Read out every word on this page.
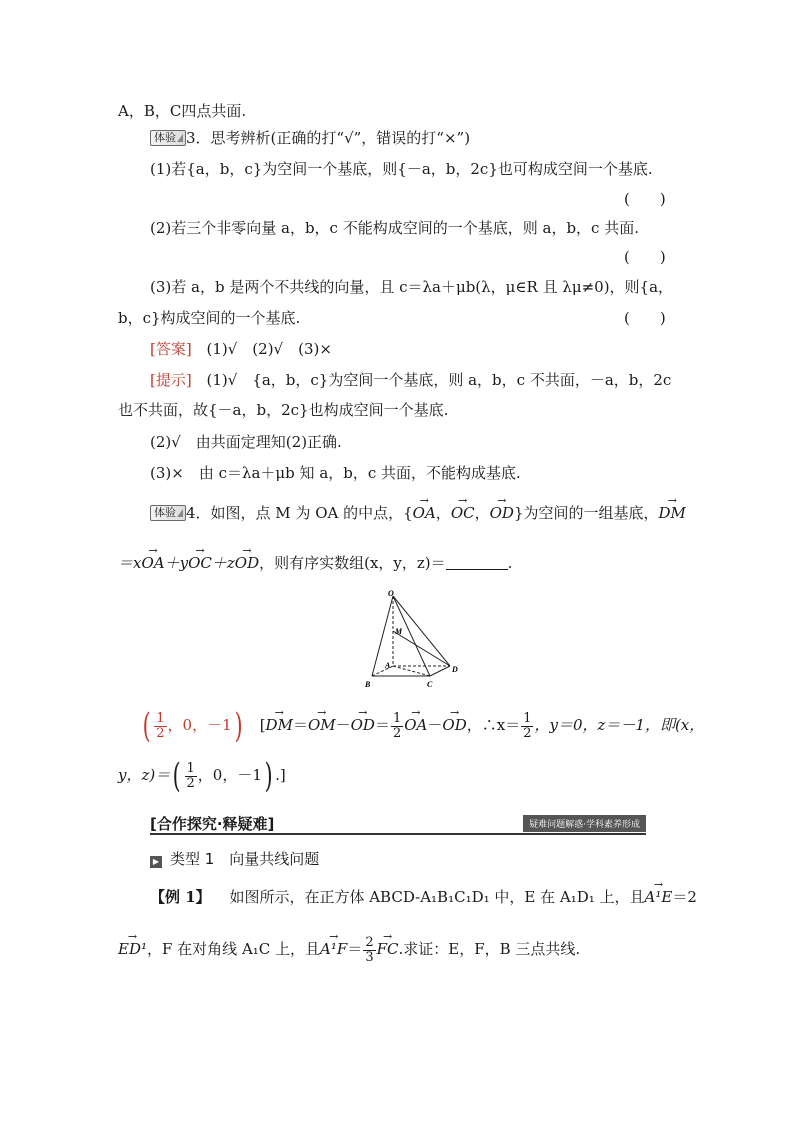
A，B，C四点共面.
体验 3．思考辨析(正确的打“√”，错误的打“×”)
(1)若{a，b，c}为空间一个基底，则{－a，b，2c}也可构成空间一个基底.
(　　)
(2)若三个非零向量 a，b，c 不能构成空间的一个基底，则 a，b，c 共面.
(　　)
(3)若 a，b 是两个不共线的向量，且 c＝λa＋μb(λ，μ∈R 且 λμ≠0)，则{a，
b，c}构成空间的一个基底.	(　　)
[答案] (1)√　(2)√　(3)×
[提示] (1)√　{a，b，c}为空间一个基底，则 a，b，c 不共面，－a，b，2c
也不共面，故{－a，b，2c}也构成空间一个基底.
(2)√　由共面定理知(2)正确.
(3)×　由 c＝λa＋μb 知 a，b，c 共面，不能构成基底.
体验 4．如图，点 M 为 OA 的中点，{→ OA，→ OC，→ OD}为空间的一组基底，→ DM
＝x→ OA＋y→ OC＋z→ OD，则有序实数组(x，y，z)＝	.
O
M
A
B	C
D
( $\frac{1}{2}$ ，0，－1) [→ $DM=\to OM-\to OD= \frac{1}{2}$
→ OA－→ OD，∴x＝ $\frac{1}{2}$ ，y＝0，z＝－1，即(x，
y，$z)=( \frac{1}{2}$ ，0，－1) .]
[合作探究·释疑难]	疑难问题解惑·学科素养形成
▶ 类型 1　向量共线问题
【例 1】 如图所示，在正方体 ABCD-A₁B₁C₁D₁ 中，E 在 A₁D₁ 上，且→ A¹E＝2
→ ED¹，F 在对角线 A₁C 上，且→ $A^1F= \frac{2}{3}$
→ FC.求证：E，F，B 三点共线.
